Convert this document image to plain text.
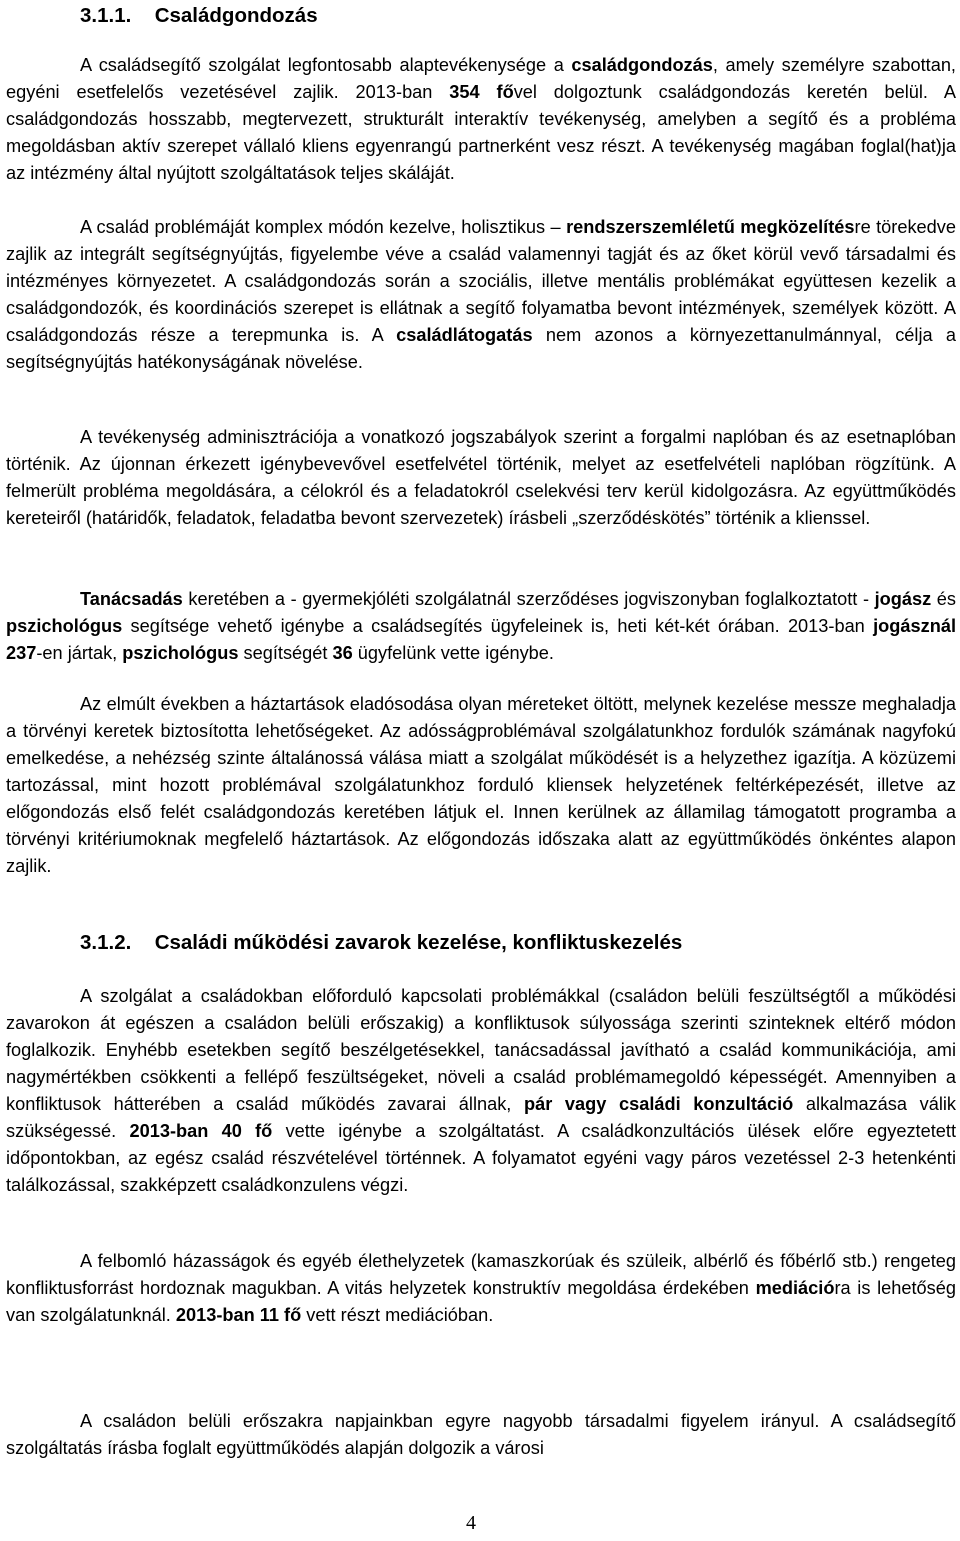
3.1.1. Családgondozás

A családsegítő szolgálat legfontosabb alaptevékenysége a családgondozás, amely személyre szabottan, egyéni esetfelelős vezetésével zajlik. 2013-ban 354 fővel dolgoztunk családgondozás keretén belül. A családgondozás hosszabb, megtervezett, strukturált interaktív tevékenység, amelyben a segítő és a probléma megoldásban aktív szerepet vállaló kliens egyenrangú partnerként vesz részt. A tevékenység magában foglal(hat)ja az intézmény által nyújtott szolgáltatások teljes skáláját.

A család problémáját komplex módón kezelve, holisztikus – rendszerszemléletű megközelítésre törekedve zajlik az integrált segítségnyújtás, figyelembe véve a család valamennyi tagját és az őket körül vevő társadalmi és intézményes környezetet. A családgondozás során a szociális, illetve mentális problémákat együttesen kezelik a családgondozók, és koordinációs szerepet is ellátnak a segítő folyamatba bevont intézmények, személyek között. A családgondozás része a terepmunka is. A családlátogatás nem azonos a környezettanulmánnyal, célja a segítségnyújtás hatékonyságának növelése.

A tevékenység adminisztrációja a vonatkozó jogszabályok szerint a forgalmi naplóban és az esetnaplóban történik. Az újonnan érkezett igénybevevővel esetfelvétel történik, melyet az esetfelvételi naplóban rögzítünk. A felmerült probléma megoldására, a célokról és a feladatokról cselekvési terv kerül kidolgozásra. Az együttműködés kereteiről (határidők, feladatok, feladatba bevont szervezetek) írásbeli „szerződéskötés” történik a klienssel.

Tanácsadás keretében a - gyermekjóléti szolgálatnál szerződéses jogviszonyban foglalkoztatott - jogász és pszichológus segítsége vehető igénybe a családsegítés ügyfeleinek is, heti két-két órában. 2013-ban jogásznál 237-en jártak, pszichológus segítségét 36 ügyfelünk vette igénybe.

Az elmúlt években a háztartások eladósodása olyan méreteket öltött, melynek kezelése messze meghaladja a törvényi keretek biztosította lehetőségeket. Az adósságproblémával szolgálatunkhoz fordulók számának nagyfokú emelkedése, a nehézség szinte általánossá válása miatt a szolgálat működését is a helyzethez igazítja. A közüzemi tartozással, mint hozott problémával szolgálatunkhoz forduló kliensek helyzetének feltérképezését, illetve az előgondozás első felét családgondozás keretében látjuk el. Innen kerülnek az államilag támogatott programba a törvényi kritériumoknak megfelelő háztartások. Az előgondozás időszaka alatt az együttműködés önkéntes alapon zajlik.

3.1.2. Családi működési zavarok kezelése, konfliktuskezelés

A szolgálat a családokban előforduló kapcsolati problémákkal (családon belüli feszültségtől a működési zavarokon át egészen a családon belüli erőszakig) a konfliktusok súlyossága szerinti szinteknek eltérő módon foglalkozik. Enyhébb esetekben segítő beszélgetésekkel, tanácsadással javítható a család kommunikációja, ami nagymértékben csökkenti a fellépő feszültségeket, növeli a család problémamegoldó képességét. Amennyiben a konfliktusok hátterében a család működés zavarai állnak, pár vagy családi konzultáció alkalmazása válik szükségessé. 2013-ban 40 fő vette igénybe a szolgáltatást. A családkonzultációs ülések előre egyeztetett időpontokban, az egész család részvételével történnek. A folyamatot egyéni vagy páros vezetéssel 2-3 hetenkénti találkozással, szakképzett családkonzulens végzi.

A felbomló házasságok és egyéb élethelyzetek (kamaszkorúak és szüleik, albérlő és főbérlő stb.) rengeteg konfliktusforrást hordoznak magukban. A vitás helyzetek konstruktív megoldása érdekében mediációra is lehetőség van szolgálatunknál. 2013-ban 11 fő vett részt mediációban.

A családon belüli erőszakra napjainkban egyre nagyobb társadalmi figyelem irányul. A családsegítő szolgáltatás írásba foglalt együttműködés alapján dolgozik a városi

4
